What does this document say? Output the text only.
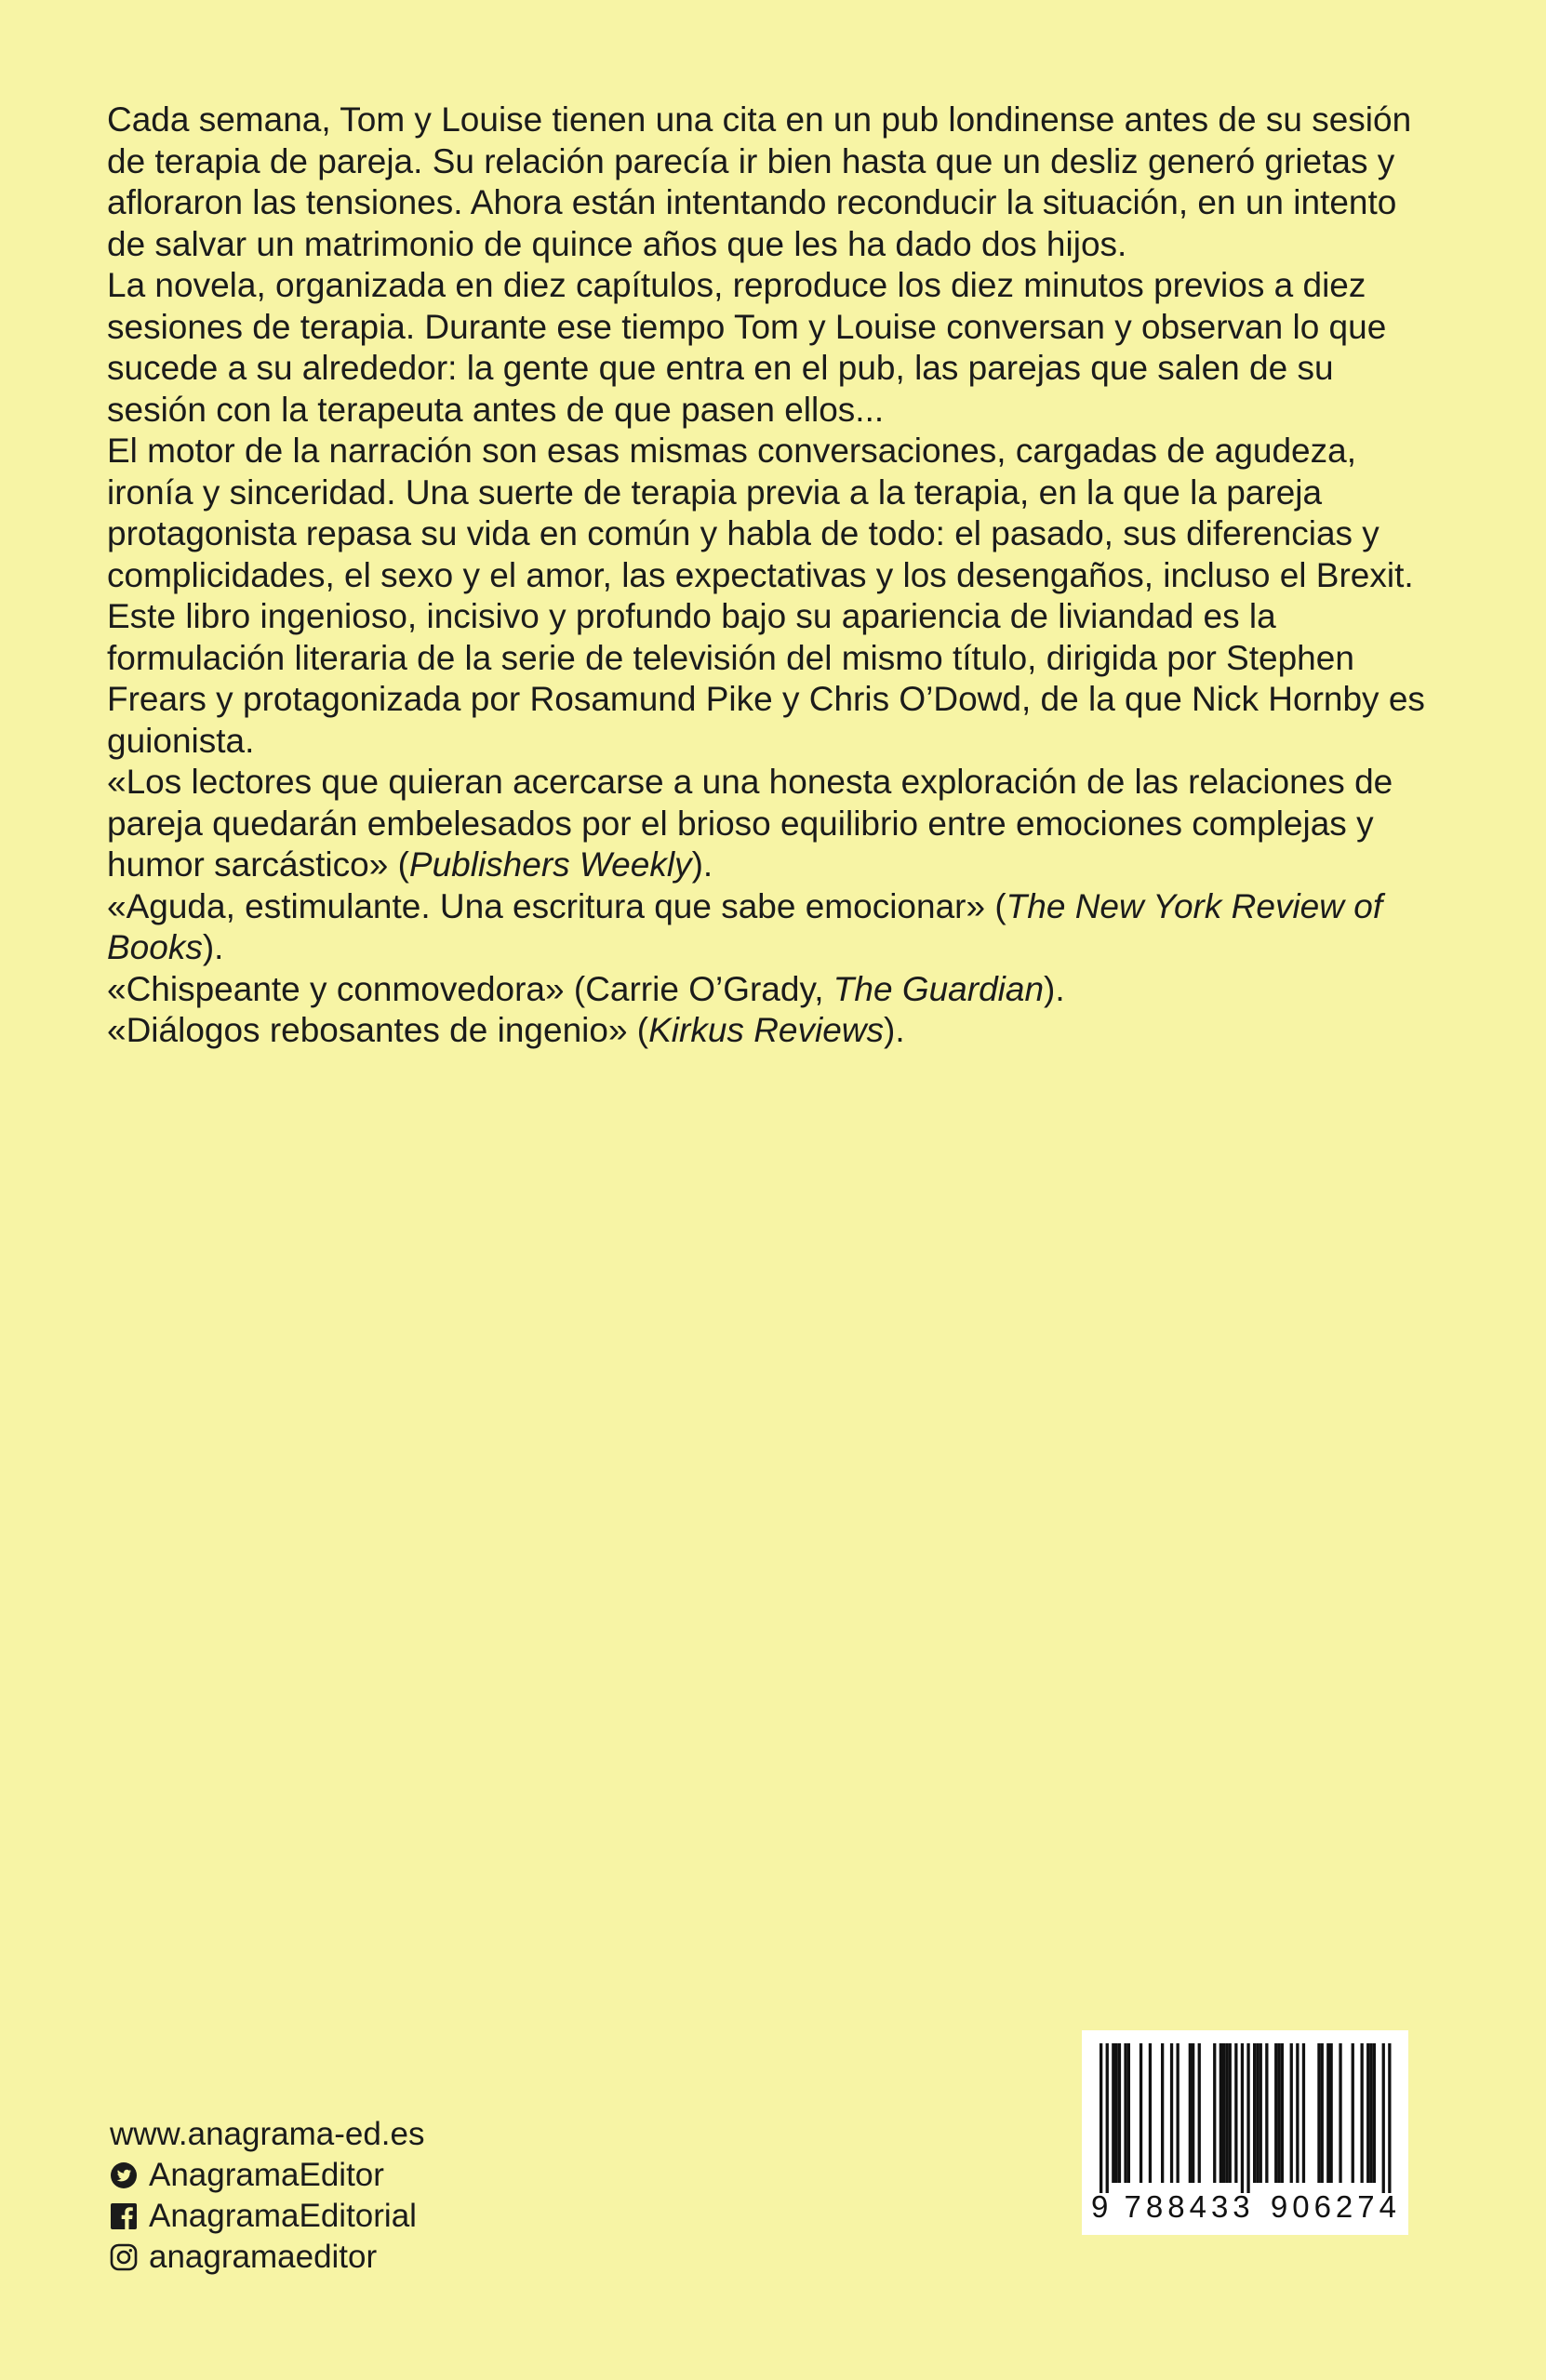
Cada semana, Tom y Louise tienen una cita en un pub londinense antes de su sesión de terapia de pareja. Su relación parecía ir bien hasta que un desliz generó grietas y afloraron las tensiones. Ahora están intentando reconducir la situación, en un intento de salvar un matrimonio de quince años que les ha dado dos hijos.

La novela, organizada en diez capítulos, reproduce los diez minutos previos a diez sesiones de terapia. Durante ese tiempo Tom y Louise conversan y observan lo que sucede a su alrededor: la gente que entra en el pub, las parejas que salen de su sesión con la terapeuta antes de que pasen ellos...

El motor de la narración son esas mismas conversaciones, cargadas de agudeza, ironía y sinceridad. Una suerte de terapia previa a la terapia, en la que la pareja protagonista repasa su vida en común y habla de todo: el pasado, sus diferencias y complicidades, el sexo y el amor, las expectativas y los desengaños, incluso el Brexit.

Este libro ingenioso, incisivo y profundo bajo su apariencia de liviandad es la formulación literaria de la serie de televisión del mismo título, dirigida por Stephen Frears y protagonizada por Rosamund Pike y Chris O’Dowd, de la que Nick Hornby es guionista.

«Los lectores que quieran acercarse a una honesta exploración de las relaciones de pareja quedarán embelesados por el brioso equilibrio entre emociones complejas y humor sarcástico» (Publishers Weekly).

«Aguda, estimulante. Una escritura que sabe emocionar» (The New York Review of Books).

«Chispeante y conmovedora» (Carrie O’Grady, The Guardian).

«Diálogos rebosantes de ingenio» (Kirkus Reviews).

www.anagrama-ed.es
AnagramaEditor
AnagramaEditorial
anagramaeditor
9 788433 906274
